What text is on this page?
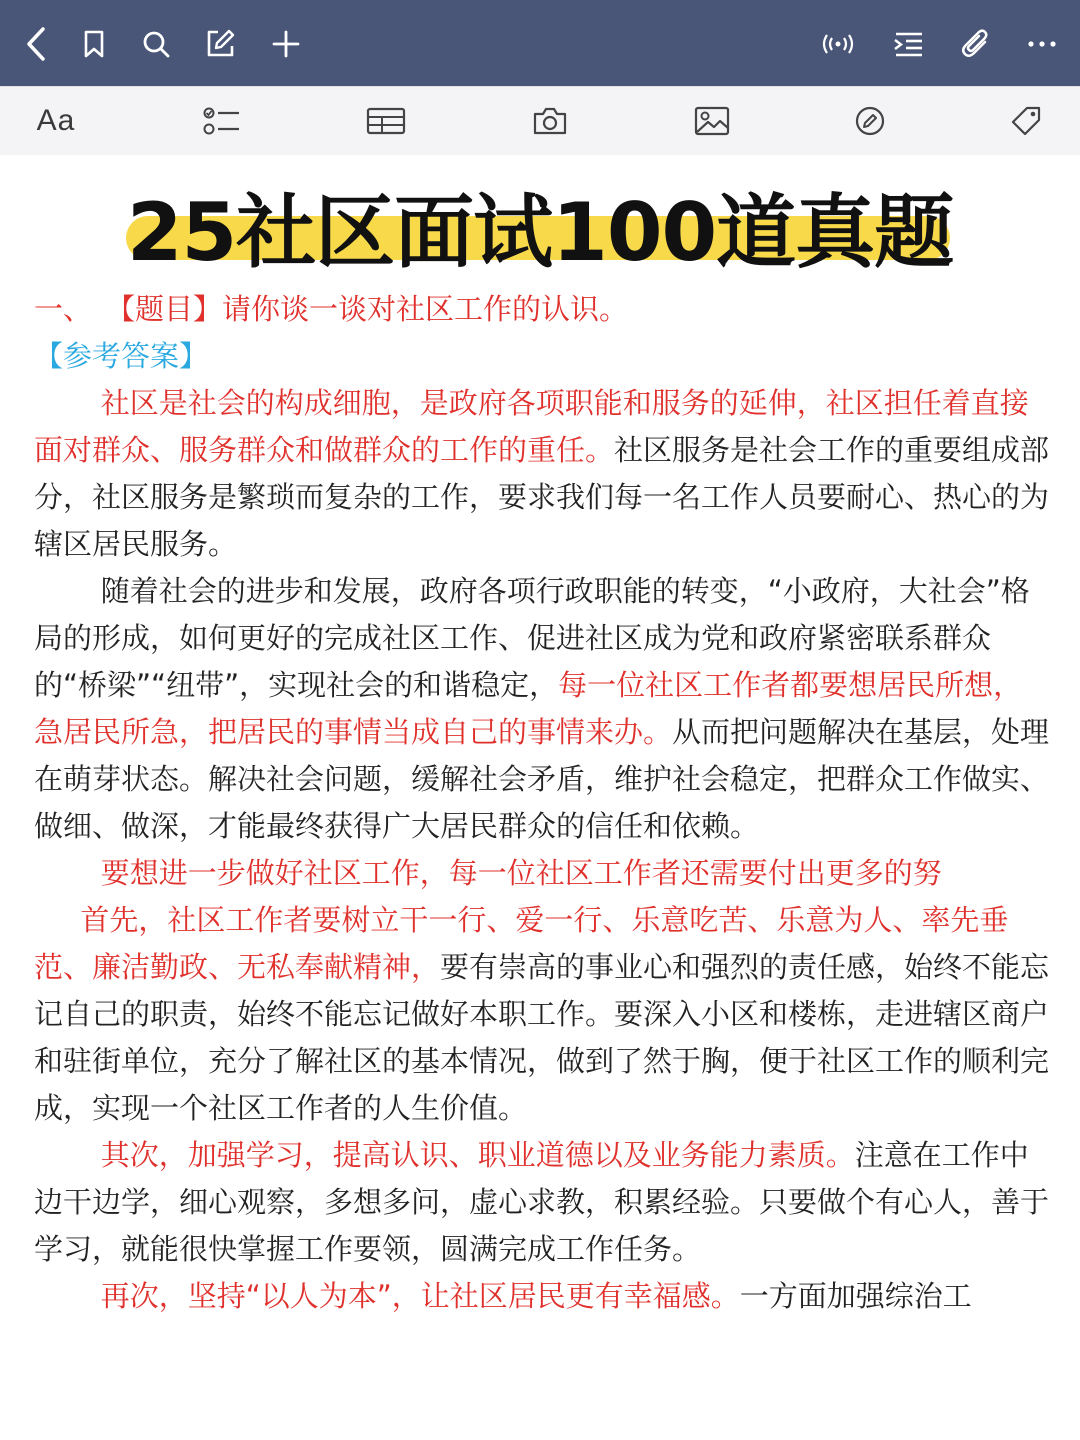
Aa
25社区面试100道真题
一、 【题目】请你谈一谈对社区工作的认识。
【参考答案】

社区是社会的构成细胞，是政府各项职能和服务的延伸，社区担任着直接面对群众、服务群众和做群众的工作的重任。社区服务是社会工作的重要组成部分，社区服务是繁琐而复杂的工作，要求我们每一名工作人员要耐心、热心的为辖区居民服务。

随着社会的进步和发展，政府各项行政职能的转变，“小政府，大社会”格局的形成，如何更好的完成社区工作、促进社区成为党和政府紧密联系群众的“桥梁”“纽带”，实现社会的和谐稳定，每一位社区工作者都要想居民所想，急居民所急，把居民的事情当成自己的事情来办。从而把问题解决在基层，处理在萌芽状态。解决社会问题，缓解社会矛盾，维护社会稳定，把群众工作做实、做细、做深，才能最终获得广大居民群众的信任和依赖。

要想进一步做好社区工作，每一位社区工作者还需要付出更多的努

首先，社区工作者要树立干一行、爱一行、乐意吃苦、乐意为人、率先垂范、廉洁勤政、无私奉献精神，要有崇高的事业心和强烈的责任感，始终不能忘记自己的职责，始终不能忘记做好本职工作。要深入小区和楼栋，走进辖区商户和驻街单位，充分了解社区的基本情况，做到了然于胸，便于社区工作的顺利完成，实现一个社区工作者的人生价值。

其次，加强学习，提高认识、职业道德以及业务能力素质。注意在工作中边干边学，细心观察，多想多问，虚心求教，积累经验。只要做个有心人，善于学习，就能很快掌握工作要领，圆满完成工作任务。

再次，坚持“以人为本”，让社区居民更有幸福感。一方面加强综治工
